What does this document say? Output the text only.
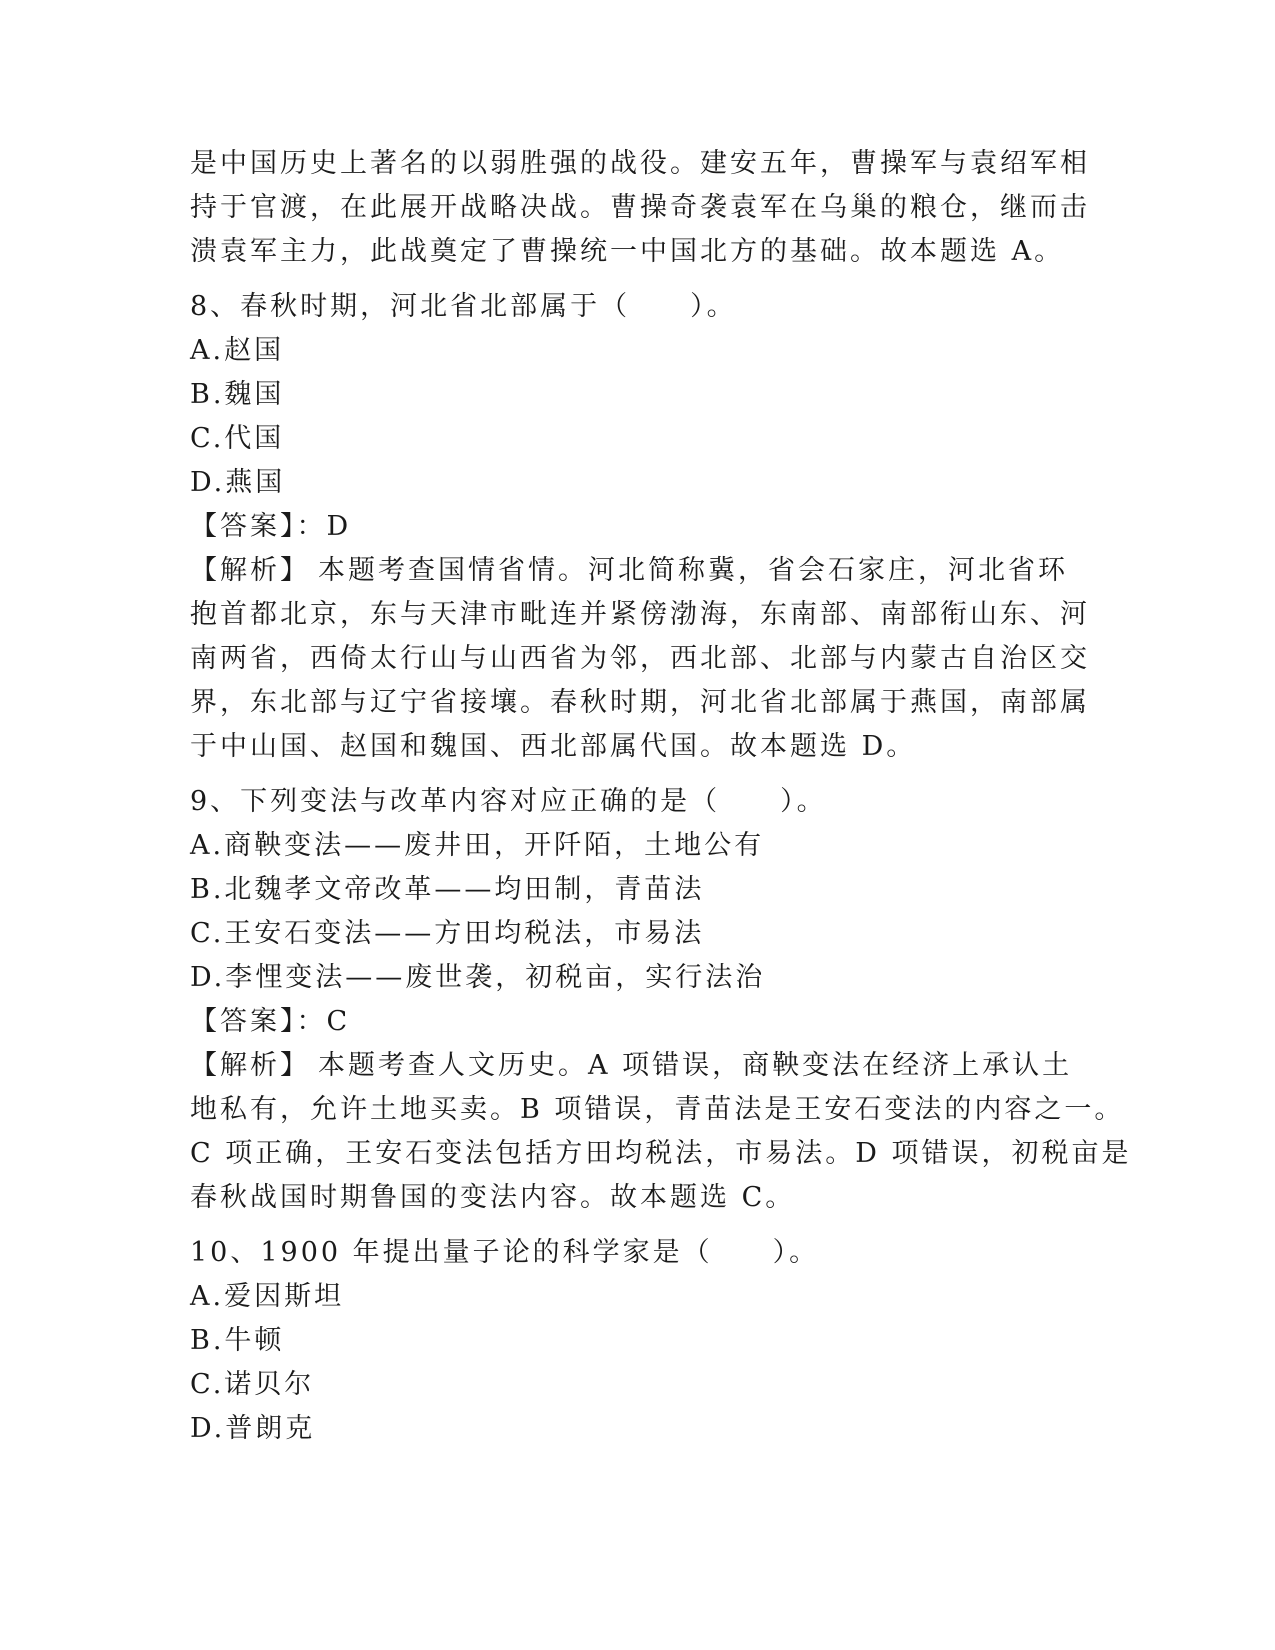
是中国历史上著名的以弱胜强的战役。建安五年，曹操军与袁绍军相
持于官渡，在此展开战略决战。曹操奇袭袁军在乌巢的粮仓，继而击
溃袁军主力，此战奠定了曹操统一中国北方的基础。故本题选 A。
8、春秋时期，河北省北部属于（　　）。
A.赵国
B.魏国
C.代国
D.燕国
【答案】：D
【解析】 本题考查国情省情。河北简称冀，省会石家庄，河北省环
抱首都北京，东与天津市毗连并紧傍渤海，东南部、南部衔山东、河
南两省，西倚太行山与山西省为邻，西北部、北部与内蒙古自治区交
界，东北部与辽宁省接壤。春秋时期，河北省北部属于燕国，南部属
于中山国、赵国和魏国、西北部属代国。故本题选 D。
9、下列变法与改革内容对应正确的是（　　）。
A.商鞅变法——废井田，开阡陌，土地公有
B.北魏孝文帝改革——均田制，青苗法
C.王安石变法——方田均税法，市易法
D.李悝变法——废世袭，初税亩，实行法治
【答案】：C
【解析】 本题考查人文历史。A 项错误，商鞅变法在经济上承认土
地私有，允许土地买卖。B 项错误，青苗法是王安石变法的内容之一。
C 项正确，王安石变法包括方田均税法，市易法。D 项错误，初税亩是
春秋战国时期鲁国的变法内容。故本题选 C。
10、1900 年提出量子论的科学家是（　　）。
A.爱因斯坦
B.牛顿
C.诺贝尔
D.普朗克
